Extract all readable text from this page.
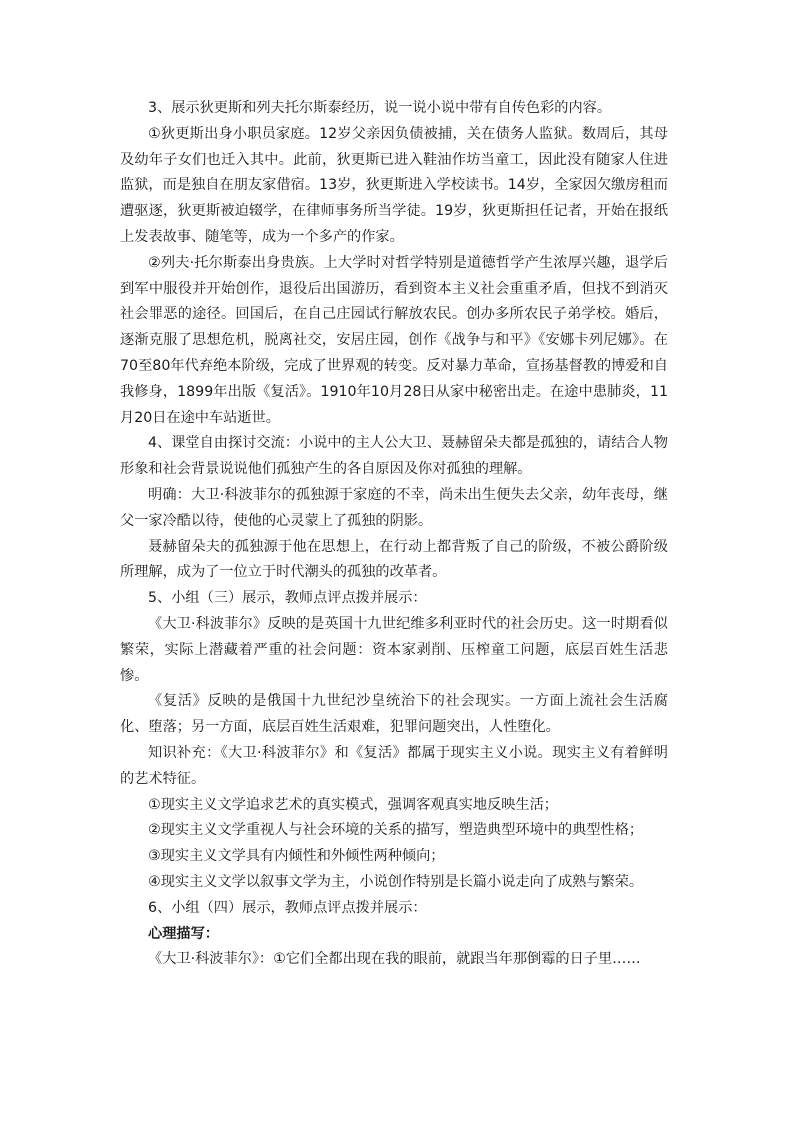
3、展示狄更斯和列夫托尔斯泰经历，说一说小说中带有自传色彩的内容。

①狄更斯出身小职员家庭。12岁父亲因负债被捕，关在债务人监狱。数周后，其母及幼年子女们也迁入其中。此前，狄更斯已进入鞋油作坊当童工，因此没有随家人住进监狱，而是独自在朋友家借宿。13岁，狄更斯进入学校读书。14岁，全家因欠缴房租而遭驱逐，狄更斯被迫辍学，在律师事务所当学徒。19岁，狄更斯担任记者，开始在报纸上发表故事、随笔等，成为一个多产的作家。

②列夫·托尔斯泰出身贵族。上大学时对哲学特别是道德哲学产生浓厚兴趣，退学后到军中服役并开始创作，退役后出国游历，看到资本主义社会重重矛盾，但找不到消灭社会罪恶的途径。回国后，在自己庄园试行解放农民。创办多所农民子弟学校。婚后，逐渐克服了思想危机，脱离社交，安居庄园，创作《战争与和平》《安娜卡列尼娜》。在70至80年代弃绝本阶级，完成了世界观的转变。反对暴力革命，宣扬基督教的博爱和自我修身，1899年出版《复活》。1910年10月28日从家中秘密出走。在途中患肺炎，11月20日在途中车站逝世。

4、课堂自由探讨交流：小说中的主人公大卫、聂赫留朵夫都是孤独的，请结合人物形象和社会背景说说他们孤独产生的各自原因及你对孤独的理解。

明确：大卫·科波菲尔的孤独源于家庭的不幸，尚未出生便失去父亲，幼年丧母，继父一家冷酷以待，使他的心灵蒙上了孤独的阴影。

聂赫留朵夫的孤独源于他在思想上，在行动上都背叛了自己的阶级，不被公爵阶级所理解，成为了一位立于时代潮头的孤独的改革者。

5、小组（三）展示，教师点评点拨并展示：

《大卫·科波菲尔》反映的是英国十九世纪维多利亚时代的社会历史。这一时期看似繁荣，实际上潜藏着严重的社会问题：资本家剥削、压榨童工问题，底层百姓生活悲惨。

《复活》反映的是俄国十九世纪沙皇统治下的社会现实。一方面上流社会生活腐化、堕落；另一方面，底层百姓生活艰难，犯罪问题突出，人性堕化。

知识补充：《大卫·科波菲尔》和《复活》都属于现实主义小说。现实主义有着鲜明的艺术特征。

①现实主义文学追求艺术的真实模式，强调客观真实地反映生活；

②现实主义文学重视人与社会环境的关系的描写，塑造典型环境中的典型性格；

③现实主义文学具有内倾性和外倾性两种倾向；

④现实主义文学以叙事文学为主，小说创作特别是长篇小说走向了成熟与繁荣。

6、小组（四）展示，教师点评点拨并展示：

心理描写：

《大卫·科波菲尔》：①它们全都出现在我的眼前，就跟当年那倒霉的日子里……
